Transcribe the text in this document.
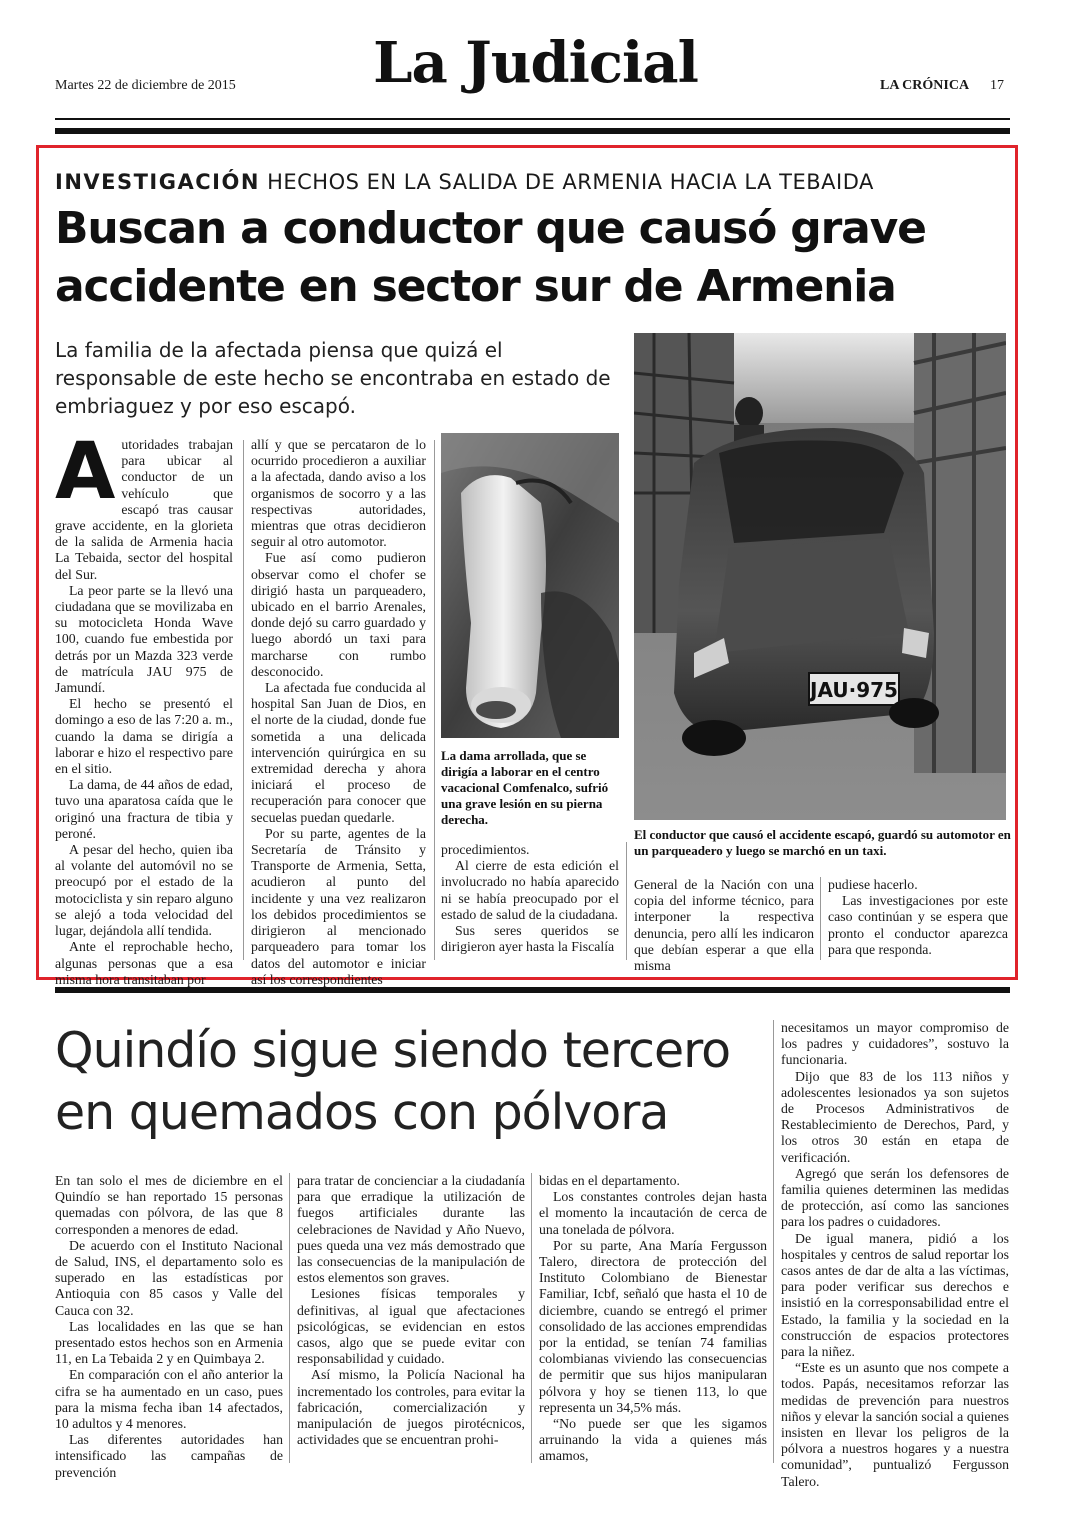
Martes 22 de diciembre de 2015	La Judicial	LA CRÓNICA 17
INVESTIGACIÓN HECHOS EN LA SALIDA DE ARMENIA HACIA LA TEBAIDA
Buscan a conductor que causó grave
accidente en sector sur de Armenia
La familia de la afectada piensa que quizá el responsable de este hecho se encontraba en estado de embriaguez y por eso escapó.

Autoridades trabajan para ubicar al conductor de un vehículo que escapó tras causar grave accidente, en la glorieta de la salida de Armenia hacia La Tebaida, sector del hospital del Sur.

La peor parte se la llevó una ciudadana que se movilizaba en su motocicleta Honda Wave 100, cuando fue embestida por detrás por un Mazda 323 verde de matrícula JAU 975 de Jamundí.

El hecho se presentó el domingo a eso de las 7:20 a. m., cuando la dama se dirigía a laborar e hizo el respectivo pare en el sitio.

La dama, de 44 años de edad, tuvo una aparatosa caída que le originó una fractura de tibia y peroné.

A pesar del hecho, quien iba al volante del automóvil no se preocupó por el estado de la motociclista y sin reparo alguno se alejó a toda velocidad del lugar, dejándola allí tendida.

Ante el reprochable hecho, algunas personas que a esa misma hora transitaban por

allí y que se percataron de lo ocurrido procedieron a auxiliar a la afectada, dando aviso a los organismos de socorro y a las respectivas autoridades, mientras que otras decidieron seguir al otro automotor.

Fue así como pudieron observar como el chofer se dirigió hasta un parqueadero, ubicado en el barrio Arenales, donde dejó su carro guardado y luego abordó un taxi para marcharse con rumbo desconocido.

La afectada fue conducida al hospital San Juan de Dios, en el norte de la ciudad, donde fue sometida a una delicada intervención quirúrgica en su extremidad derecha y ahora iniciará el proceso de recuperación para conocer que secuelas puedan quedarle.

Por su parte, agentes de la Secretaría de Tránsito y Transporte de Armenia, Setta, acudieron al punto del incidente y una vez realizaron los debidos procedimientos se dirigieron al mencionado parqueadero para tomar los datos del automotor e iniciar así los correspondientes

La dama arrollada, que se dirigía a laborar en el centro vacacional Comfenalco, sufrió una grave lesión en su pierna derecha.

procedimientos.

Al cierre de esta edición el involucrado no había aparecido ni se había preocupado por el estado de salud de la ciudadana.

Sus seres queridos se dirigieron ayer hasta la Fiscalía

JAU·975
El conductor que causó el accidente escapó, guardó su automotor en un parqueadero y luego se marchó en un taxi.

General de la Nación con una copia del informe técnico, para interponer la respectiva denuncia, pero allí les indicaron que debían esperar a que ella misma

pudiese hacerlo.

Las investigaciones por este caso continúan y se espera que pronto el conductor aparezca para que responda.

Quindío sigue siendo tercero
en quemados con pólvora

En tan solo el mes de diciembre en el Quindío se han reportado 15 personas quemadas con pólvora, de las que 8 corresponden a menores de edad.

De acuerdo con el Instituto Nacional de Salud, INS, el departamento solo es superado en las estadísticas por Antioquia con 85 casos y Valle del Cauca con 32.

Las localidades en las que se han presentado estos hechos son en Armenia 11, en La Tebaida 2 y en Quimbaya 2.

En comparación con el año anterior la cifra se ha aumentado en un caso, pues para la misma fecha iban 14 afectados, 10 adultos y 4 menores.

Las diferentes autoridades han intensificado las campañas de prevención

para tratar de concienciar a la ciudadanía para que erradique la utilización de fuegos artificiales durante las celebraciones de Navidad y Año Nuevo, pues queda una vez más demostrado que las consecuencias de la manipulación de estos elementos son graves.

Lesiones físicas temporales y definitivas, al igual que afectaciones psicológicas, se evidencian en estos casos, algo que se puede evitar con responsabilidad y cuidado.

Así mismo, la Policía Nacional ha incrementado los controles, para evitar la fabricación, comercialización y manipulación de juegos pirotécnicos, actividades que se encuentran prohi-

bidas en el departamento.

Los constantes controles dejan hasta el momento la incautación de cerca de una tonelada de pólvora.

Por su parte, Ana María Fergusson Talero, directora de protección del Instituto Colombiano de Bienestar Familiar, Icbf, señaló que hasta el 10 de diciembre, cuando se entregó el primer consolidado de las acciones emprendidas por la entidad, se tenían 74 familias colombianas viviendo las consecuencias de permitir que sus hijos manipularan pólvora y hoy se tienen 113, lo que representa un 34,5% más.

“No puede ser que les sigamos arruinando la vida a quienes más amamos,

necesitamos un mayor compromiso de los padres y cuidadores”, sostuvo la funcionaria.

Dijo que 83 de los 113 niños y adolescentes lesionados ya son sujetos de Procesos Administrativos de Restablecimiento de Derechos, Pard, y los otros 30 están en etapa de verificación.

Agregó que serán los defensores de familia quienes determinen las medidas de protección, así como las sanciones para los padres o cuidadores.

De igual manera, pidió a los hospitales y centros de salud reportar los casos antes de dar de alta a las víctimas, para poder verificar sus derechos e insistió en la corresponsabilidad entre el Estado, la familia y la sociedad en la construcción de espacios protectores para la niñez.

“Este es un asunto que nos compete a todos. Papás, necesitamos reforzar las medidas de prevención para nuestros niños y elevar la sanción social a quienes insisten en llevar los peligros de la pólvora a nuestros hogares y a nuestra comunidad”, puntualizó Fergusson Talero.
